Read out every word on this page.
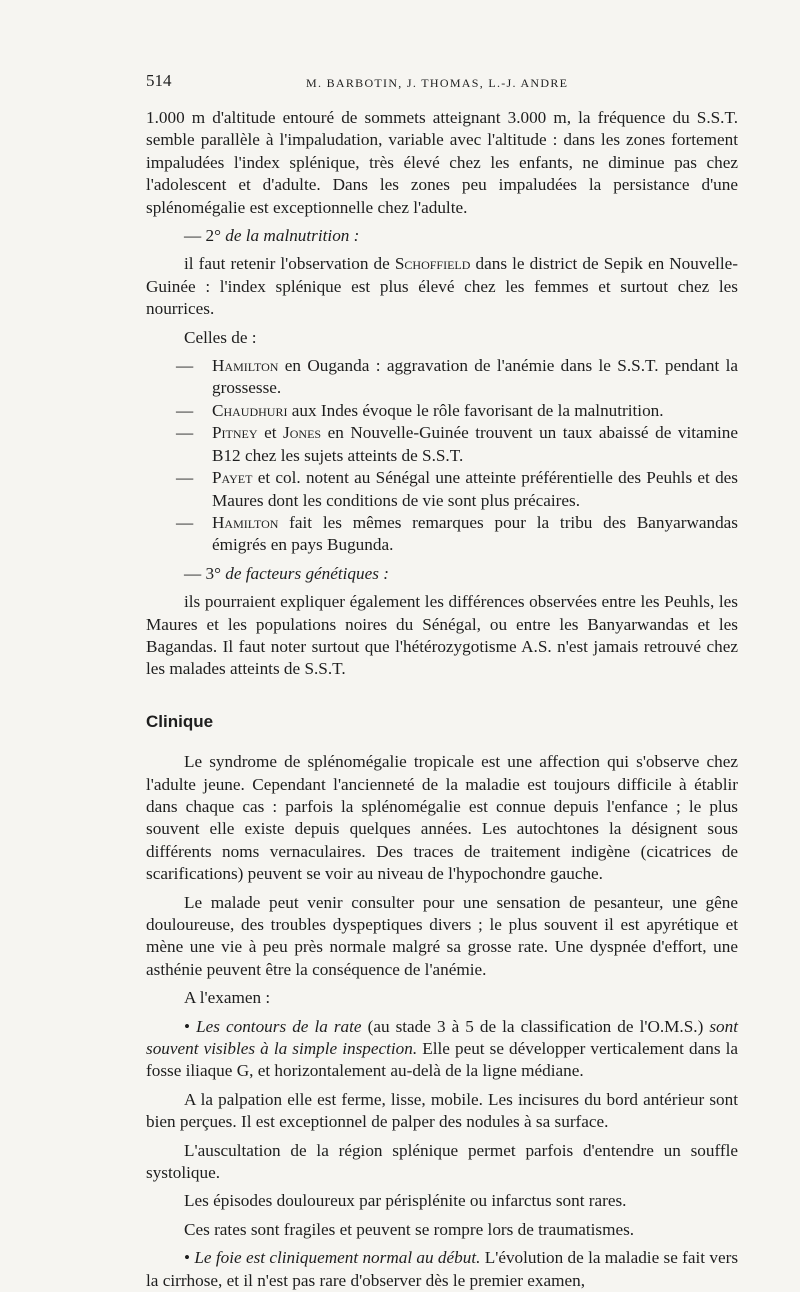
514	M. BARBOTIN, J. THOMAS, L.-J. ANDRE

1.000 m d'altitude entouré de sommets atteignant 3.000 m, la fréquence du S.S.T. semble parallèle à l'impaludation, variable avec l'altitude : dans les zones fortement impaludées l'index splénique, très élevé chez les enfants, ne diminue pas chez l'adolescent et d'adulte. Dans les zones peu impaludées la persistance d'une splénomégalie est exceptionnelle chez l'adulte.

— 2° de la malnutrition :

il faut retenir l'observation de Schoffield dans le district de Sepik en Nouvelle-Guinée : l'index splénique est plus élevé chez les femmes et surtout chez les nourrices.

Celles de :

— Hamilton en Ouganda : aggravation de l'anémie dans le S.S.T. pendant la grossesse.
— Chaudhuri aux Indes évoque le rôle favorisant de la malnutrition.
— Pitney et Jones en Nouvelle-Guinée trouvent un taux abaissé de vitamine B12 chez les sujets atteints de S.S.T.
— Payet et col. notent au Sénégal une atteinte préférentielle des Peuhls et des Maures dont les conditions de vie sont plus précaires.
— Hamilton fait les mêmes remarques pour la tribu des Banyarwandas émigrés en pays Bugunda.

— 3° de facteurs génétiques :

ils pourraient expliquer également les différences observées entre les Peuhls, les Maures et les populations noires du Sénégal, ou entre les Banyarwandas et les Bagandas. Il faut noter surtout que l'hétérozygotisme A.S. n'est jamais retrouvé chez les malades atteints de S.S.T.

Clinique

Le syndrome de splénomégalie tropicale est une affection qui s'observe chez l'adulte jeune. Cependant l'ancienneté de la maladie est toujours difficile à établir dans chaque cas : parfois la splénomégalie est connue depuis l'enfance ; le plus souvent elle existe depuis quelques années. Les autochtones la désignent sous différents noms vernaculaires. Des traces de traitement indigène (cicatrices de scarifications) peuvent se voir au niveau de l'hypochondre gauche.

Le malade peut venir consulter pour une sensation de pesanteur, une gêne douloureuse, des troubles dyspeptiques divers ; le plus souvent il est apyrétique et mène une vie à peu près normale malgré sa grosse rate. Une dyspnée d'effort, une asthénie peuvent être la conséquence de l'anémie.

A l'examen :

• Les contours de la rate (au stade 3 à 5 de la classification de l'O.M.S.) sont souvent visibles à la simple inspection. Elle peut se développer verticalement dans la fosse iliaque G, et horizontalement au-delà de la ligne médiane.

A la palpation elle est ferme, lisse, mobile. Les incisures du bord antérieur sont bien perçues. Il est exceptionnel de palper des nodules à sa surface.

L'auscultation de la région splénique permet parfois d'entendre un souffle systolique.

Les épisodes douloureux par périsplénite ou infarctus sont rares.

Ces rates sont fragiles et peuvent se rompre lors de traumatismes.

• Le foie est cliniquement normal au début. L'évolution de la maladie se fait vers la cirrhose, et il n'est pas rare d'observer dès le premier examen,
